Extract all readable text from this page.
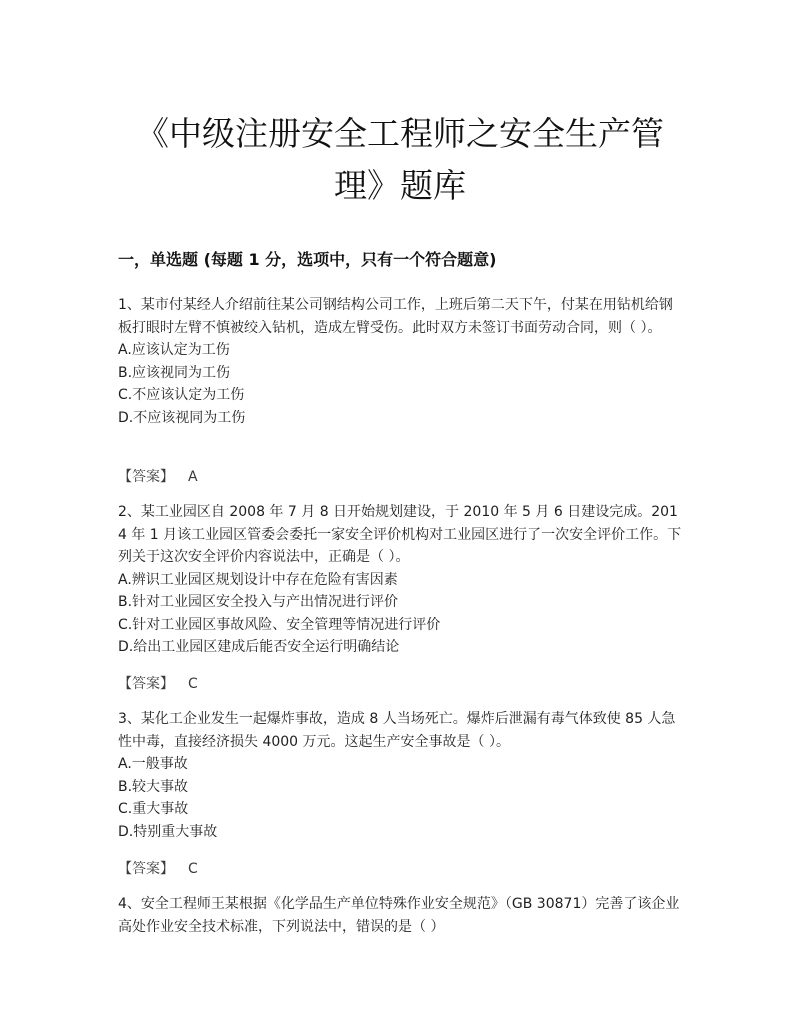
《中级注册安全工程师之安全生产管
理》题库
一，单选题 (每题 1 分，选项中，只有一个符合题意)

1、某市付某经人介绍前往某公司钢结构公司工作，上班后第二天下午，付某在用钻机给钢板打眼时左臂不慎被绞入钻机，造成左臂受伤。此时双方未签订书面劳动合同，则（ ）。

A.应该认定为工伤

B.应该视同为工伤

C.不应该认定为工伤

D.不应该视同为工伤

【答案】 A

2、某工业园区自 2008 年 7 月 8 日开始规划建设，于 2010 年 5 月 6 日建设完成。2014 年 1 月该工业园区管委会委托一家安全评价机构对工业园区进行了一次安全评价工作。下列关于这次安全评价内容说法中，正确是（ ）。

A.辨识工业园区规划设计中存在危险有害因素

B.针对工业园区安全投入与产出情况进行评价

C.针对工业园区事故风险、安全管理等情况进行评价

D.给出工业园区建成后能否安全运行明确结论

【答案】 C

3、某化工企业发生一起爆炸事故，造成 8 人当场死亡。爆炸后泄漏有毒气体致使 85 人急性中毒，直接经济损失 4000 万元。这起生产安全事故是（ ）。

A.一般事故

B.较大事故

C.重大事故

D.特别重大事故

【答案】 C

4、安全工程师王某根据《化学品生产单位特殊作业安全规范》（GB 30871）完善了该企业高处作业安全技术标准，下列说法中，错误的是（ ）
